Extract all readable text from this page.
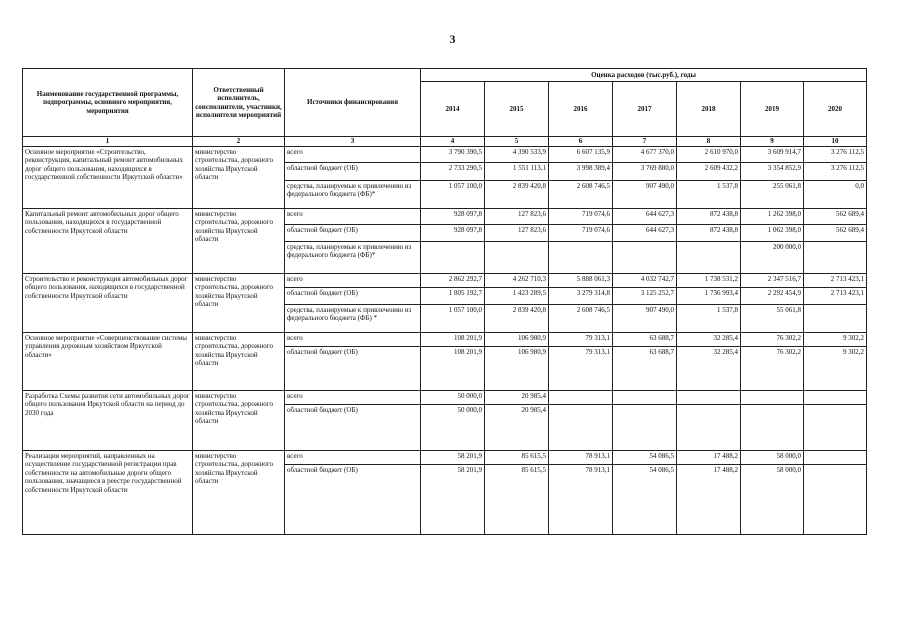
3
Наименование государственной программы, подпрограммы, основного мероприятия, мероприятия	Ответственный исполнитель, соисполнители, участники, исполнители мероприятий	Источники финансирования	Оценка расходов (тыс.руб.), годы						
			2014	2015	2016	2017	2018	2019	2020
1	2	3	4	5	6	7	8	9	10
Основное мероприятие «Строительство, реконструкция, капитальный ремонт автомобильных дорог общего пользования, находящихся в государственной собственности Иркутской области»	министерство строительства, дорожного хозяйства Иркутской области	всего	3 790 390,5	4 390 533,9	6 607 135,9	4 677 370,0	2 610 970,0	3 609 914,7	3 276 112,5
		областной бюджет (ОБ)	2 733 290,5	1 551 113,1	3 998 389,4	3 769 880,0	2 609 432,2	3 354 852,9	3 276 112,5
		средства, планируемые к привлечению из федерального бюджета (ФБ)*	1 057 100,0	2 839 420,8	2 608 746,5	907 490,0	1 537,8	255 061,8	0,0
Капитальный ремонт автомобильных дорог общего пользования, находящихся в государственной собственности Иркутской области	министерство строительства, дорожного хозяйства Иркутской области	всего	928 097,8	127 823,6	719 074,6	644 627,3	872 438,8	1 262 398,0	562 689,4
		областной бюджет (ОБ)	928 097,8	127 823,6	719 074,6	644 627,3	872 438,8	1 062 398,0	562 689,4
		средства, планируемые к привлечению из федерального бюджета (ФБ)*						200 000,0	
Строительство и реконструкция автомобильных дорог общего пользования, находящихся в государственной собственности Иркутской области	министерство строительства, дорожного хозяйства Иркутской области	всего	2 862 292,7	4 262 710,3	5 888 061,3	4 032 742,7	1 738 531,2	2 347 516,7	2 713 423,1
		областной бюджет (ОБ)	1 805 192,7	1 423 289,5	3 279 314,8	3 125 252,7	1 736 993,4	2 292 454,9	2 713 423,1
		средства, планируемые к привлечению из федерального бюджета (ФБ) *	1 057 100,0	2 839 420,8	2 608 746,5	907 490,0	1 537,8	55 061,8	
Основное мероприятие «Совершенствование системы управления дорожным хозяйством Иркутской области»	министерство строительства, дорожного хозяйства Иркутской области	всего	108 201,9	106 980,9	79 313,1	63 688,7	32 285,4	76 302,2	9 302,2
		областной бюджет (ОБ)	108 201,9	106 980,9	79 313,1	63 688,7	32 285,4	76 302,2	9 302,2
Разработка Схемы развития сети автомобильных дорог общего пользования Иркутской области на период до 2030 года	министерство строительства, дорожного хозяйства Иркутской области	всего	50 000,0	20 985,4					
		областной бюджет (ОБ)	50 000,0	20 985,4					
Реализация мероприятий, направленных на осуществление государственной регистрации прав собственности на автомобильные дороги общего пользования, значащиеся в реестре государственной собственности Иркутской области	министерство строительства, дорожного хозяйства Иркутской области	всего	58 201,9	85 615,5	78 913,1	54 086,5	17 488,2	58 000,0	
		областной бюджет (ОБ)	58 201,9	85 615,5	78 913,1	54 086,5	17 488,2	58 000,0	
